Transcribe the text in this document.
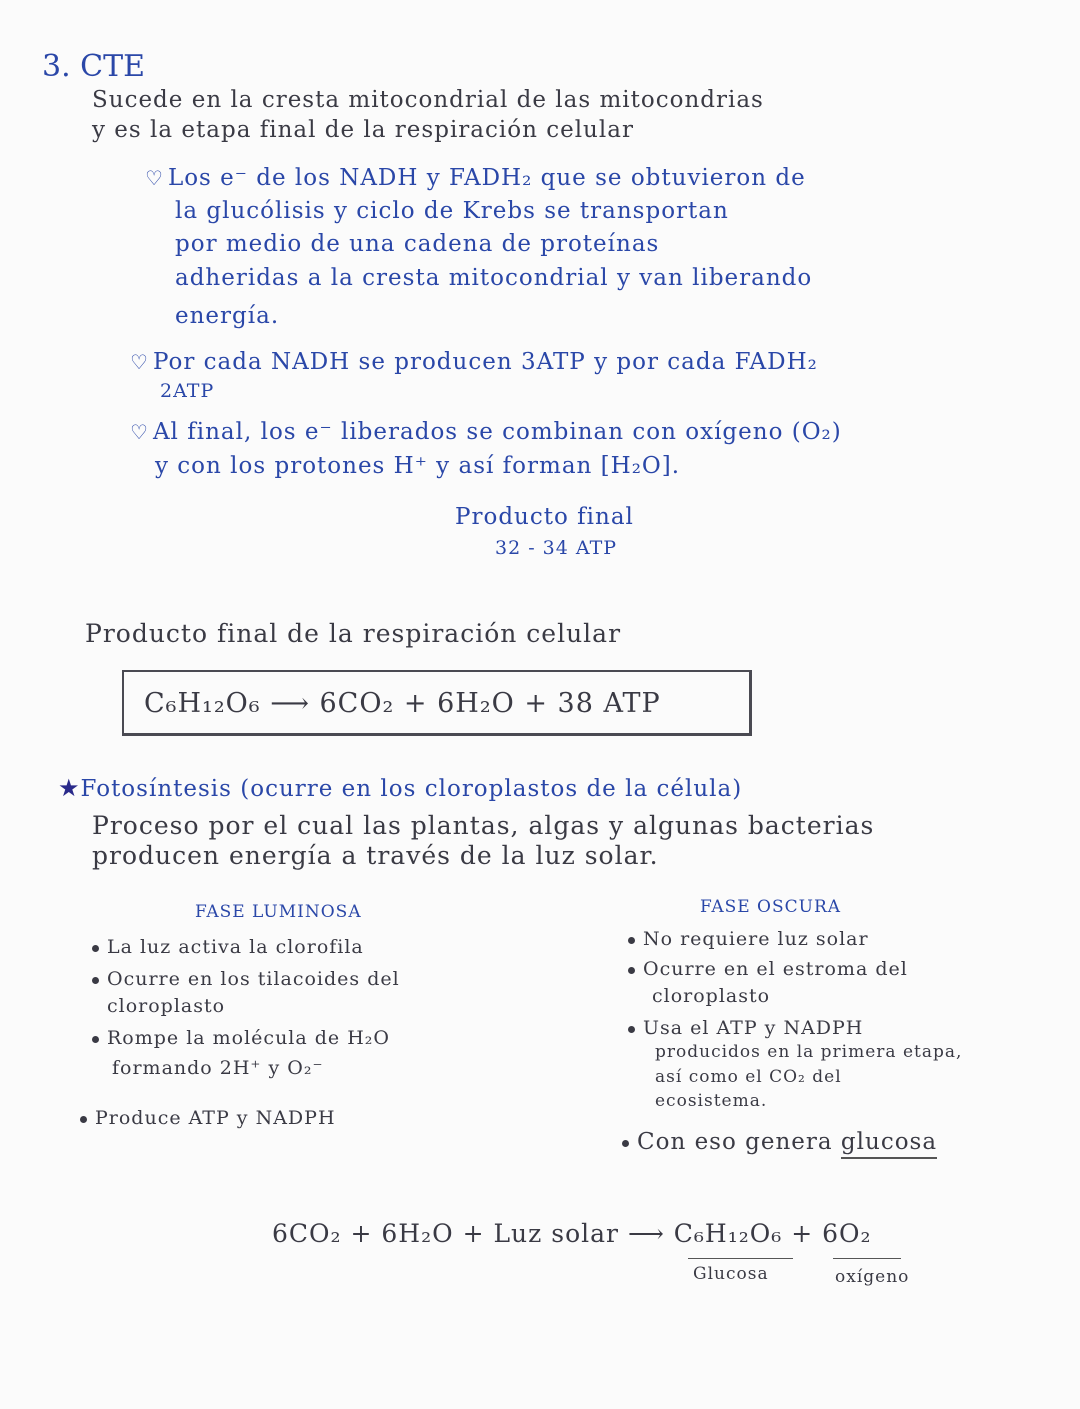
3. CTE
Sucede en la cresta mitocondrial de las mitocondrias
y es la etapa final de la respiración celular
♡ Los e⁻ de los NADH y FADH₂ que se obtuvieron de
la glucólisis y ciclo de Krebs se transportan
por medio de una cadena de proteínas
adheridas a la cresta mitocondrial y van liberando
energía.
♡ Por cada NADH se producen 3ATP y por cada FADH₂
2ATP
♡ Al final, los e⁻ liberados se combinan con oxígeno (O₂)
y con los protones H⁺ y así forman [H₂O].
Producto final
32 - 34 ATP
Producto final de la respiración celular
C₆H₁₂O₆ ⟶ 6CO₂ + 6H₂O + 38 ATP
★Fotosíntesis (ocurre en los cloroplastos de la célula)
Proceso por el cual las plantas, algas y algunas bacterias
producen energía a través de la luz solar.
FASE LUMINOSA
La luz activa la clorofila
Ocurre en los tilacoides del
cloroplasto
Rompe la molécula de H₂O
formando 2H⁺ y O₂⁻
Produce ATP y NADPH
FASE OSCURA
No requiere luz solar
Ocurre en el estroma del
cloroplasto
Usa el ATP y NADPH
producidos en la primera etapa,
así como el CO₂ del
ecosistema.
Con eso genera glucosa
6CO₂ + 6H₂O + Luz solar ⟶ C₆H₁₂O₆ + 6O₂
Glucosa	oxígeno
